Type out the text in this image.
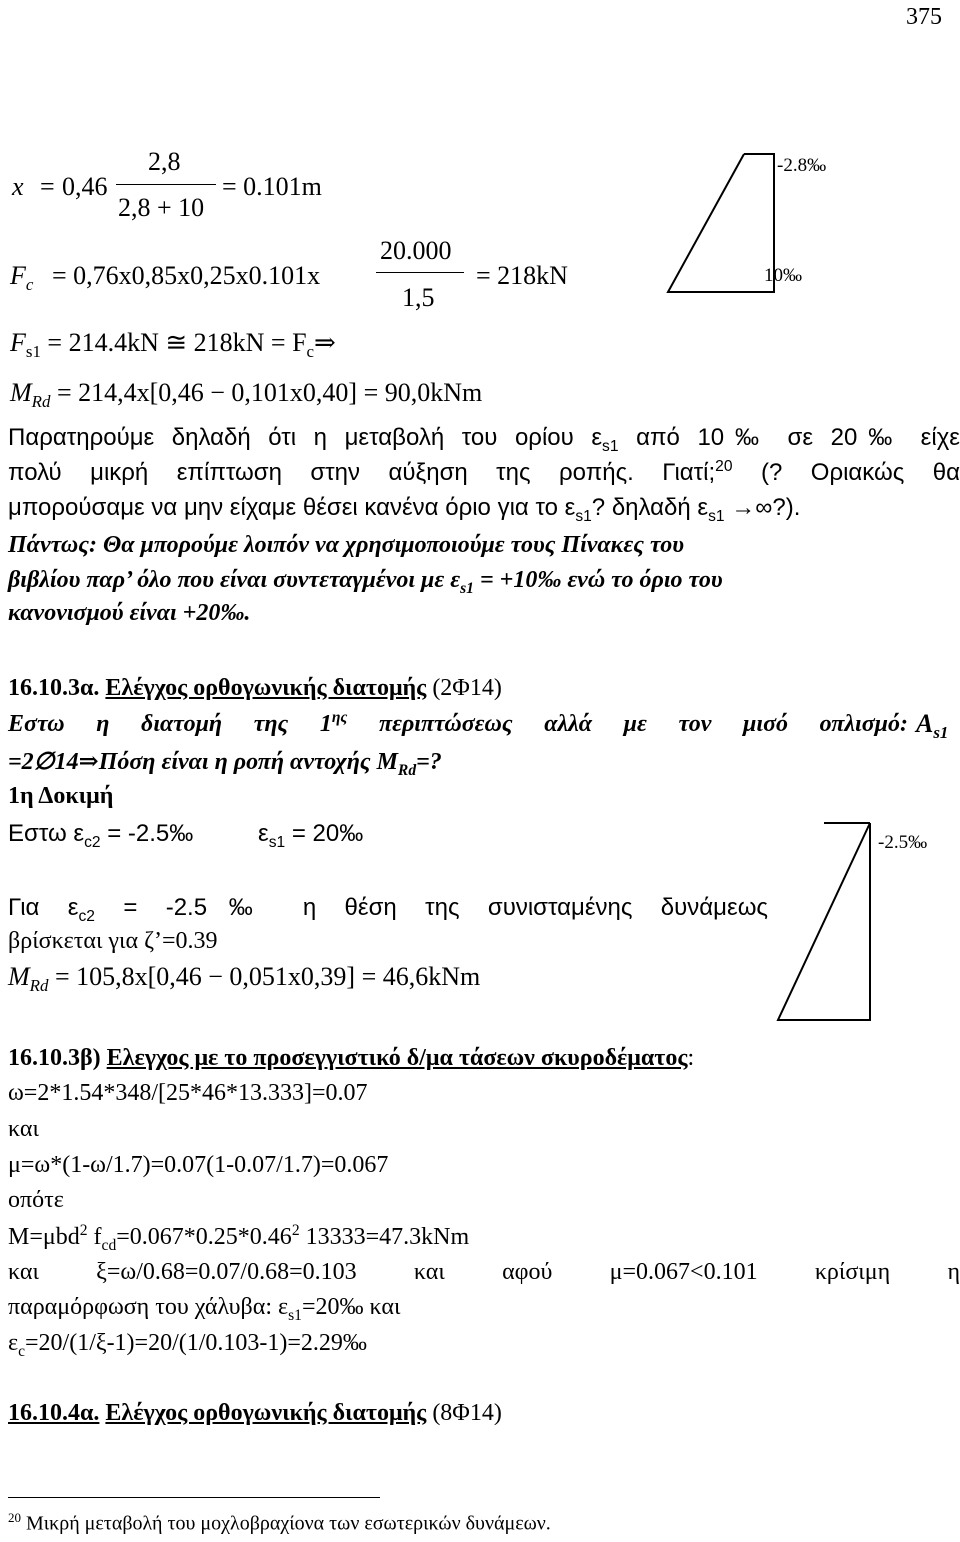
375
x = 0,46
2,8
2,8 + 10
= 0.101m
$F_c = 0,76x0,85x0,25x0.101x$
20.000
1,5
= 218kN
$F_{s1} = 214.4kN$ ≅ $218kN = F_c\Rightarrow$
$M_{Rd} = 214,4x[0,46 - 0,101x0,40] = 90,0kNm$
-2.8‰
10‰
Παρατηρούμε δηλαδή ότι η μεταβολή του ορίου $\varepsilon_{s1}$ από 10‰ σε 20‰ είχε
πολύ μικρή επίπτωση στην αύξηση της ροπής. Γιατί;$^{20}$ (? Οριακώς θα
μπορούσαμε να μην είχαμε θέσει κανένα όριο για το $\varepsilon_{s1}$? δηλαδή $\varepsilon_{s1}$ →∞?).
Πάντως: Θα μπορούμε λοιπόν να χρησιμοποιούμε τους Πίνακες του
βιβλίου παρ’ όλο που είναι συντεταγμένοι με $\varepsilon_{s1}$ = +10‰ ενώ το όριο του
κανονισμού είναι +20‰.
16.10.3α. Ελέγχος ορθογωνικής διατομής (2Φ14)
Εστω η διατομή της $1^{\eta\varsigma}$ περιπτώσεως αλλά με τον μισό οπλισμό: $A_{s1}$
=2∅14⇒Πόση είναι η ροπή αντοχής $M_{Rd}=$?
1η Δοκιμή
Εστω $\varepsilon_{c2}$ = -2.5‰	$\varepsilon_{s1}$ = 20‰	-2.5‰
Για $\varepsilon_{c2}$ = -2.5‰ η θέση της συνισταμένης δυνάμεως
βρίσκεται για ζ’=0.39
$M_{Rd} = 105,8x[0,46 - 0,051x0,39] = 46,6kNm$
16.10.3β) Ελεγχος με το προσεγγιστικό δ/μα τάσεων σκυροδέματος:
ω=2*1.54*348/[25*46*13.333]=0.07
και
μ=ω*(1-ω/1.7)=0.07(1-0.07/1.7)=0.067
οπότε
M=μbd$^2$ $f_{cd}=0.067*0.25*0.46^2$ 13333=47.3kNm
και ξ=ω/0.68=0.07/0.68=0.103 και αφού μ=0.067<0.101 κρίσιμη η
παραμόρφωση του χάλυβα: $\varepsilon_{s1}=20‰$ και
$\varepsilon_c=20/(1/\xi-1)=20/(1/0.103-1)=2.29‰$
16.10.4α. Ελέγχος ορθογωνικής διατομής (8Φ14)
$^{20}$ Μικρή μεταβολή του μοχλοβραχίονα των εσωτερικών δυνάμεων.
